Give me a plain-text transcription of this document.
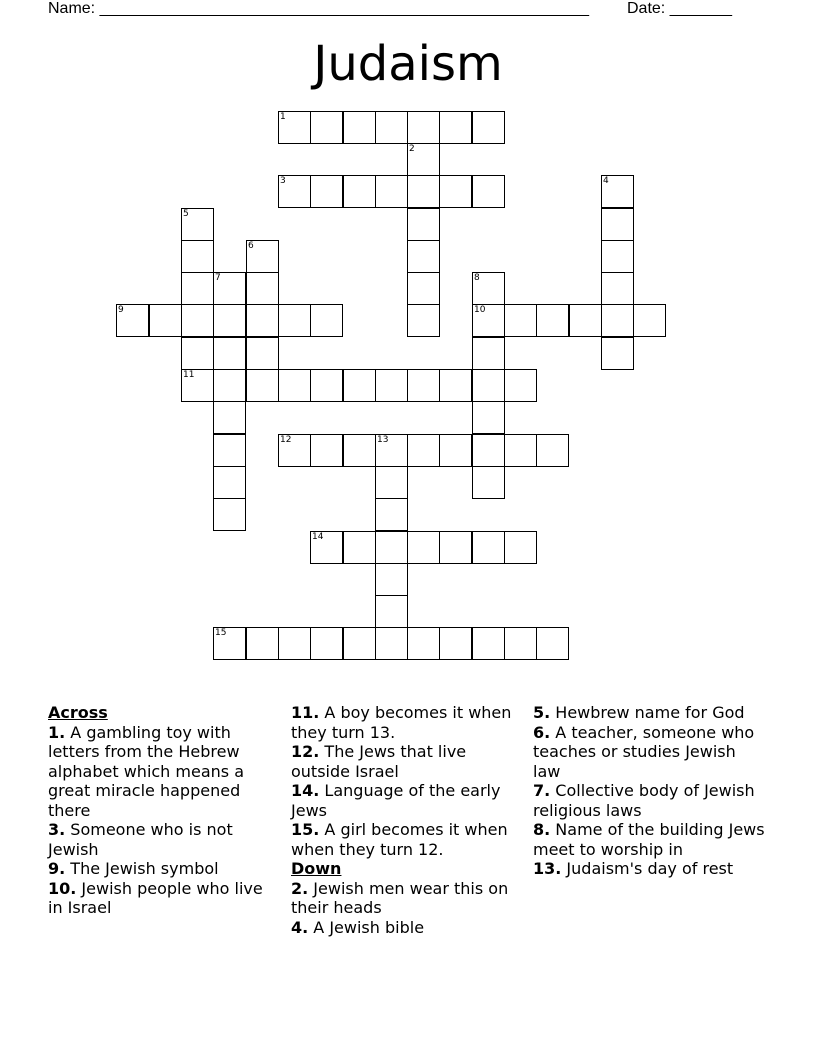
Name: _______________________________________________________ Date: _______
Judaism
1
3
2
4
5
11
6
7	8
10
9
12	13
14
15
Across
1. A gambling toy with letters from the Hebrew alphabet which means a great miracle happened there
3. Someone who is not Jewish
9. The Jewish symbol
10. Jewish people who live in Israel
11. A boy becomes it when they turn 13.
12. The Jews that live outside Israel
14. Language of the early Jews
15. A girl becomes it when when they turn 12.
Down
2. Jewish men wear this on their heads
4. A Jewish bible
5. Hewbrew name for God
6. A teacher, someone who teaches or studies Jewish law
7. Collective body of Jewish religious laws
8. Name of the building Jews meet to worship in
13. Judaism's day of rest
